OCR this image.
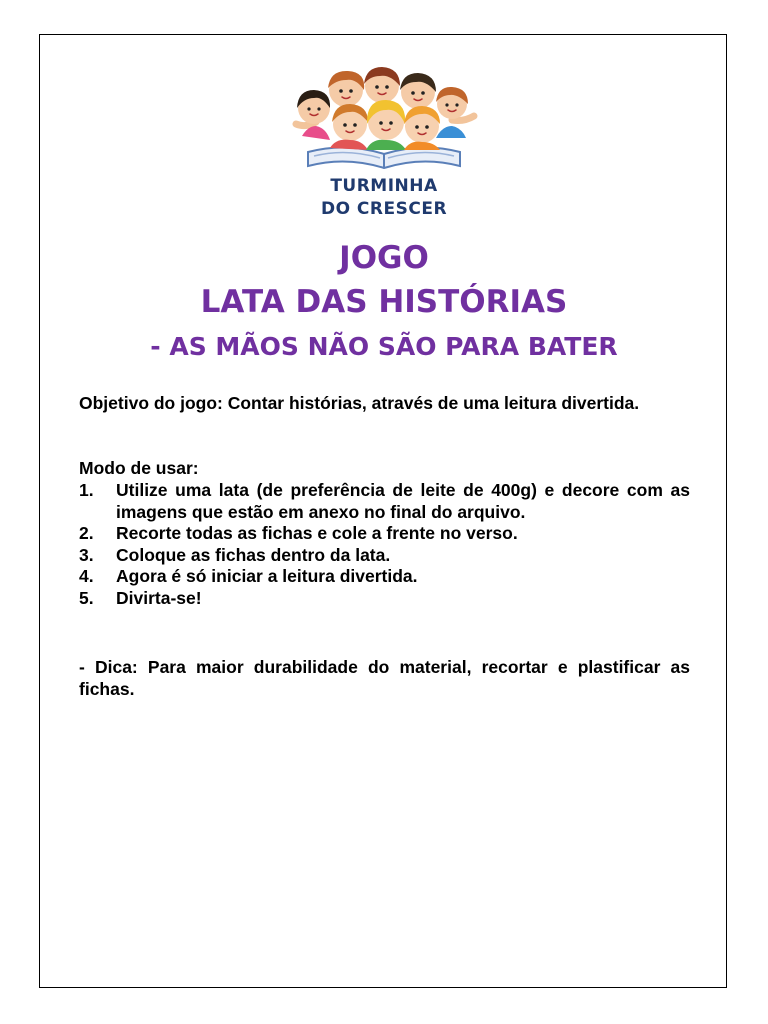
TURMINHA
DO CRESCER
JOGO
LATA DAS HISTÓRIAS
- AS MÃOS NÃO SÃO PARA BATER
Objetivo do jogo: Contar histórias, através de uma leitura divertida.
Modo de usar:
1. Utilize uma lata (de preferência de leite de 400g) e decore com as imagens que estão em anexo no final do arquivo.
2. Recorte todas as fichas e cole a frente no verso.
3. Coloque as fichas dentro da lata.
4. Agora é só iniciar a leitura divertida.
5. Divirta-se!
- Dica: Para maior durabilidade do material, recortar e plastificar as fichas.
